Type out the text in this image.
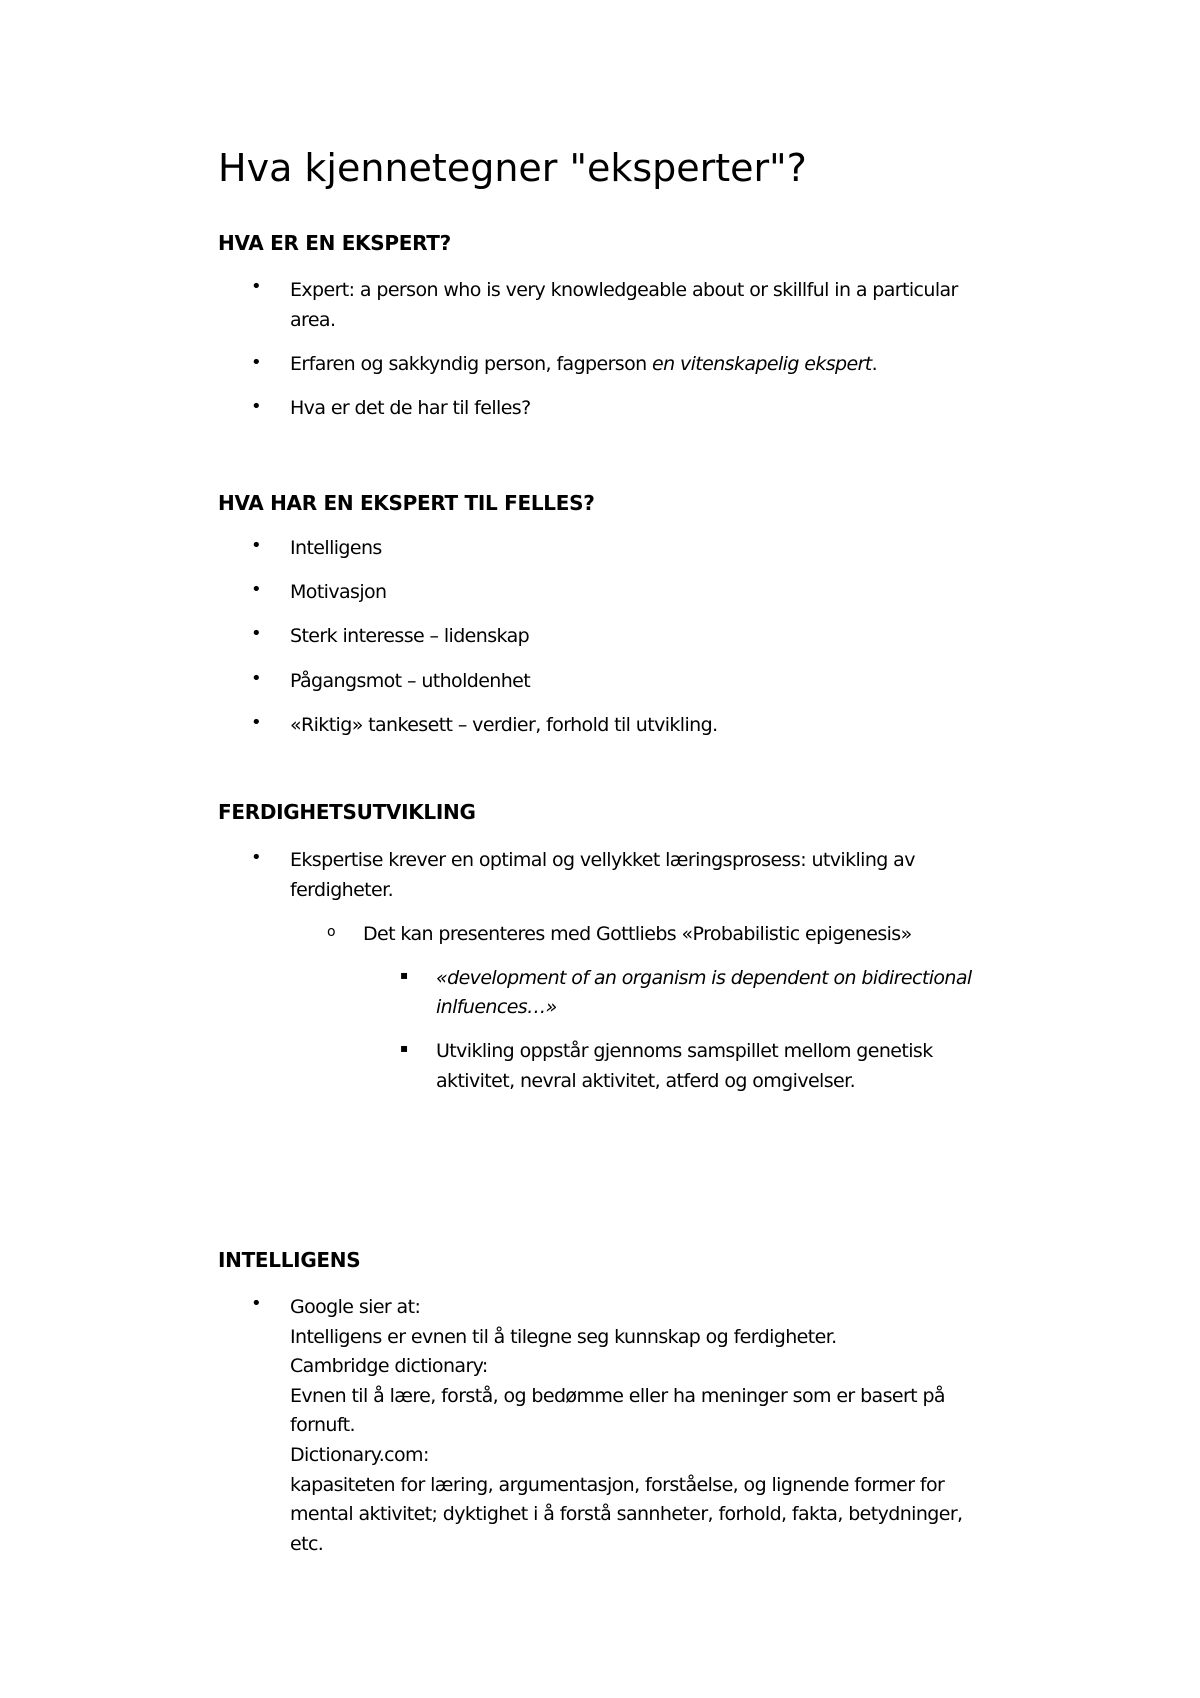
Hva kjennetegner "eksperter"?
HVA ER EN EKSPERT?
• Expert: a person who is very knowledgeable about or skillful in a particular
area.
• Erfaren og sakkyndig person, fagperson en vitenskapelig ekspert.
• Hva er det de har til felles?
HVA HAR EN EKSPERT TIL FELLES?
• Intelligens
• Motivasjon
• Sterk interesse – lidenskap
• Pågangsmot – utholdenhet
• «Riktig» tankesett – verdier, forhold til utvikling.
FERDIGHETSUTVIKLING
• Ekspertise krever en optimal og vellykket læringsprosess: utvikling av
ferdigheter.
o Det kan presenteres med Gottliebs «Probabilistic epigenesis»
▪ «development of an organism is dependent on bidirectional
inlfuences…»
▪ Utvikling oppstår gjennoms samspillet mellom genetisk
aktivitet, nevral aktivitet, atferd og omgivelser.
INTELLIGENS
• Google sier at:
Intelligens er evnen til å tilegne seg kunnskap og ferdigheter.
Cambridge dictionary:
Evnen til å lære, forstå, og bedømme eller ha meninger som er basert på
fornuft.
Dictionary.com:
kapasiteten for læring, argumentasjon, forståelse, og lignende former for
mental aktivitet; dyktighet i å forstå sannheter, forhold, fakta, betydninger,
etc.
